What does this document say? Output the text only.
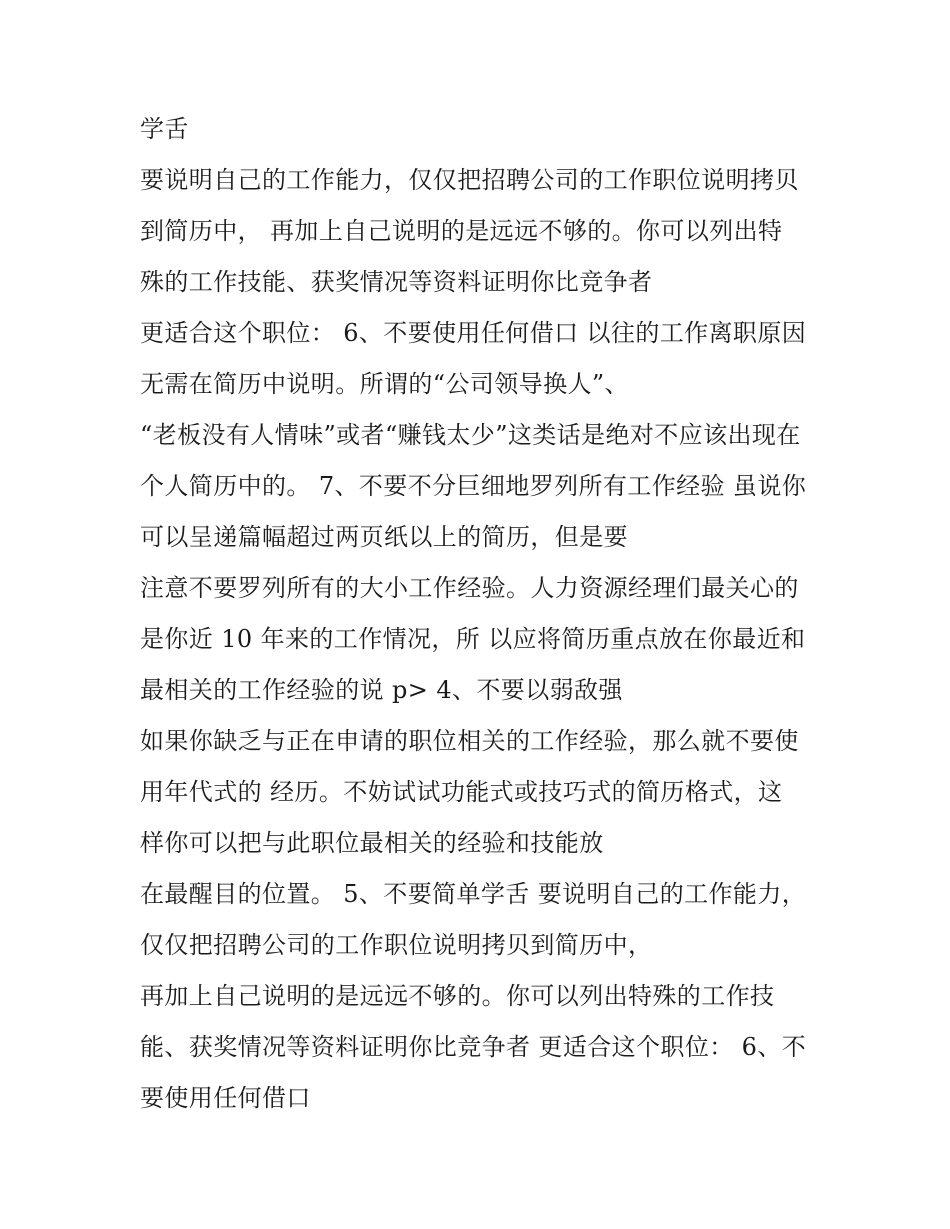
学舌
要说明自己的工作能力，仅仅把招聘公司的工作职位说明拷贝
到简历中， 再加上自己说明的是远远不够的。你可以列出特
殊的工作技能、获奖情况等资料证明你比竞争者
更适合这个职位： 6、不要使用任何借口 以往的工作离职原因
无需在简历中说明。所谓的“公司领导换人”、
“老板没有人情味”或者“赚钱太少”这类话是绝对不应该出现在
个人简历中的。 7、不要不分巨细地罗列所有工作经验 虽说你
可以呈递篇幅超过两页纸以上的简历，但是要
注意不要罗列所有的大小工作经验。人力资源经理们最关心的
是你近 10 年来的工作情况，所 以应将简历重点放在你最近和
最相关的工作经验的说 p> 4、不要以弱敌强
如果你缺乏与正在申请的职位相关的工作经验，那么就不要使
用年代式的 经历。不妨试试功能式或技巧式的简历格式，这
样你可以把与此职位最相关的经验和技能放
在最醒目的位置。 5、不要简单学舌 要说明自己的工作能力，
仅仅把招聘公司的工作职位说明拷贝到简历中，
再加上自己说明的是远远不够的。你可以列出特殊的工作技
能、获奖情况等资料证明你比竞争者 更适合这个职位： 6、不
要使用任何借口
